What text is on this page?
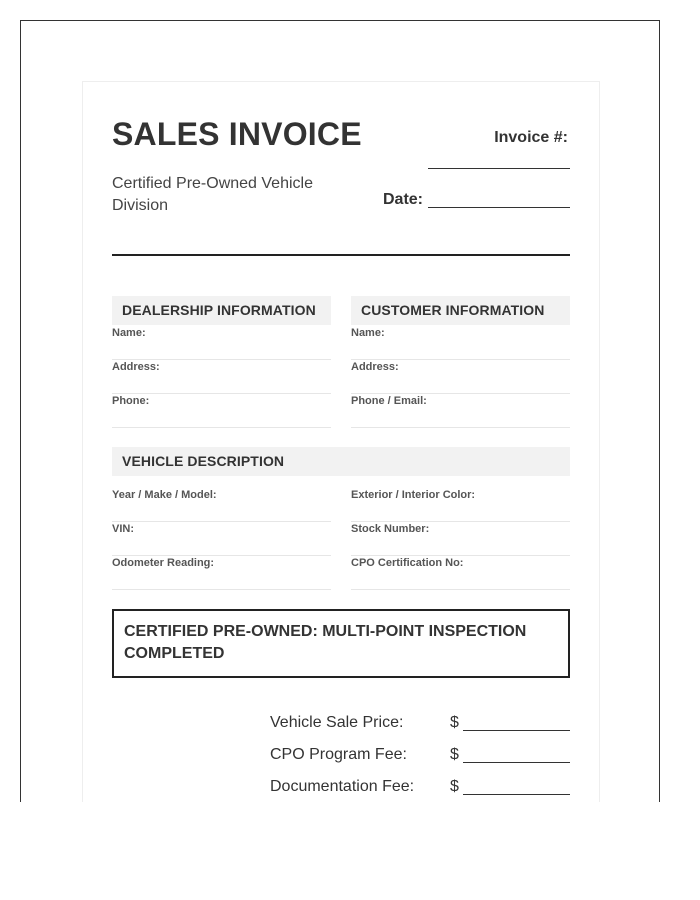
SALES INVOICE
Certified Pre-Owned Vehicle Division
Invoice #:
Date:
DEALERSHIP INFORMATION
Name:
Address:
Phone:
CUSTOMER INFORMATION
Name:
Address:
Phone / Email:
VEHICLE DESCRIPTION
Year / Make / Model:
VIN:
Odometer Reading:
Exterior / Interior Color:
Stock Number:
CPO Certification No:
CERTIFIED PRE-OWNED: MULTI-POINT INSPECTION COMPLETED
Vehicle Sale Price:	$
CPO Program Fee:	$
Documentation Fee: $
